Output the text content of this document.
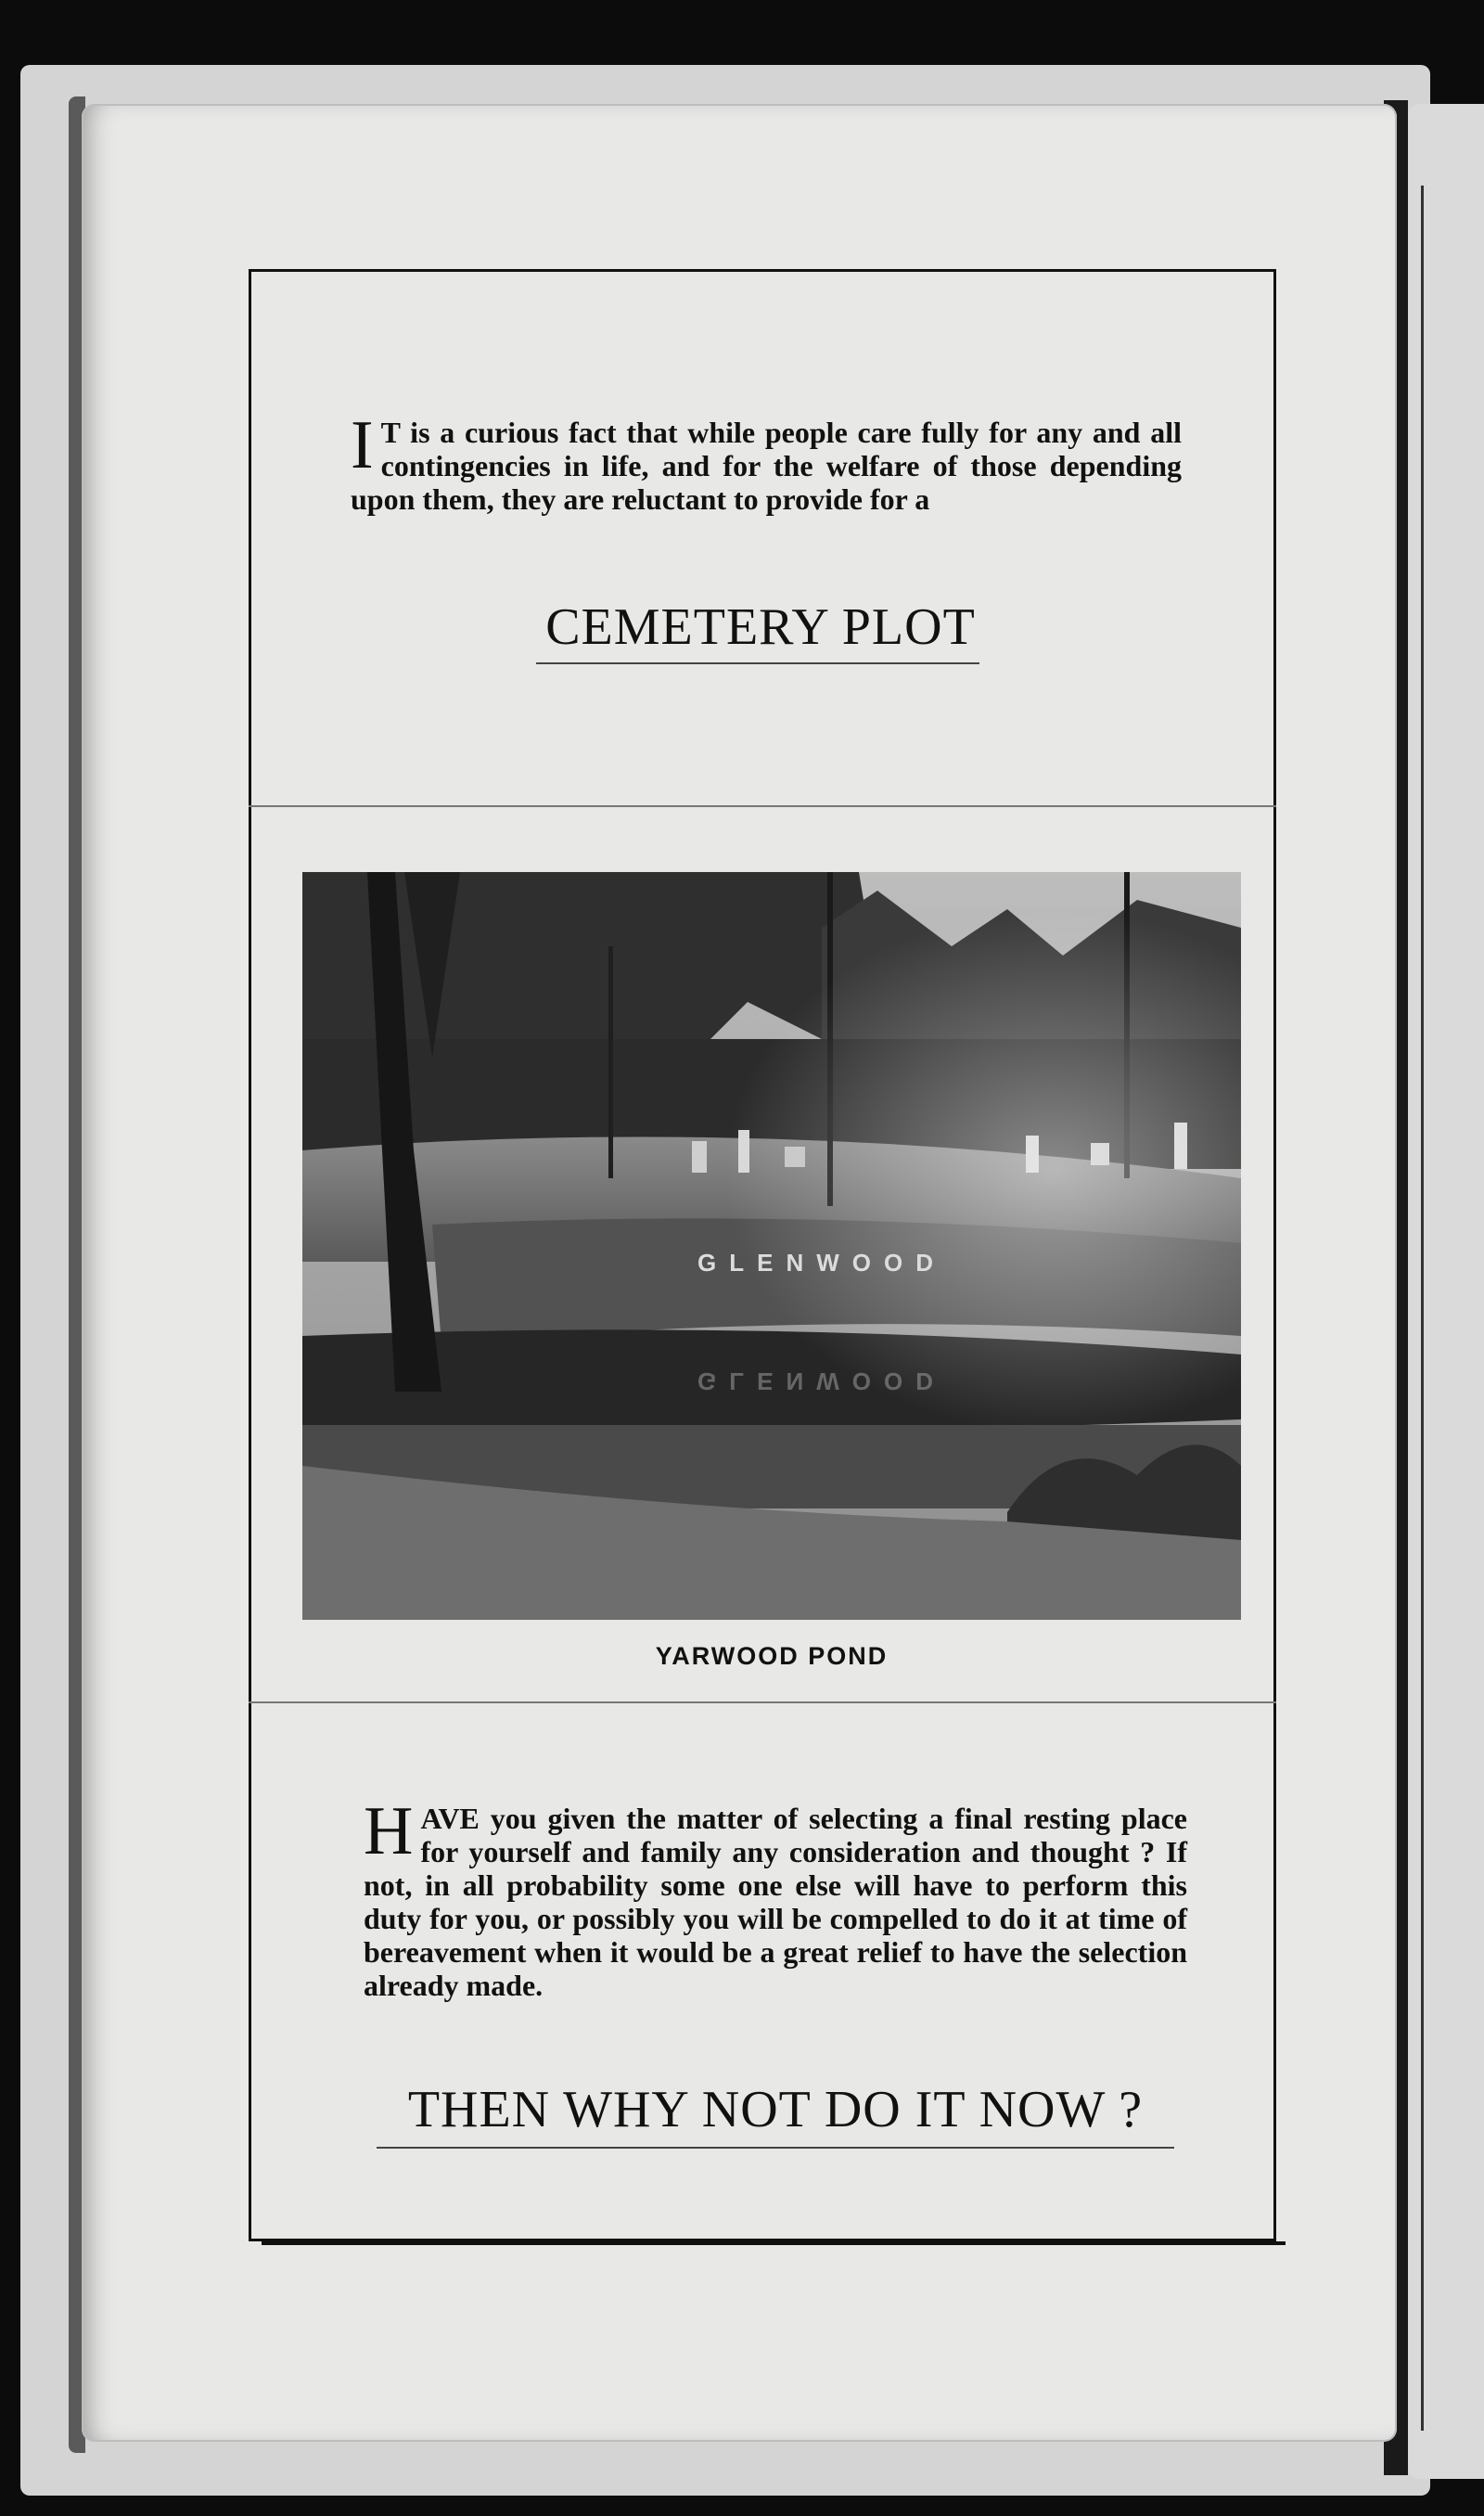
I T is a curious fact that while people care fully for any and all contingencies in life, and for the welfare of those depending upon them, they are reluctant to provide for a
CEMETERY PLOT
GLENWOOD
GLENWOOD
YARWOOD POND
H AVE you given the matter of selecting a final resting place for yourself and family any consideration and thought ? If not, in all probability some one else will have to perform this duty for you, or possibly you will be compelled to do it at time of bereavement when it would be a great relief to have the selection already made.
THEN WHY NOT DO IT NOW ?
